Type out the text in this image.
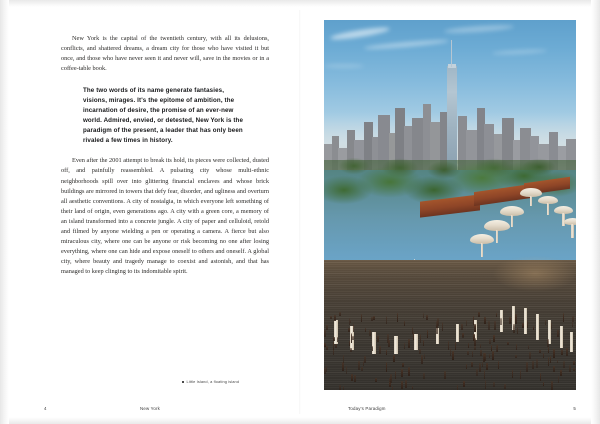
New York is the capital of the twentieth century, with all its delusions, conflicts, and shattered dreams, a dream city for those who have visited it but once, and those who have never seen it and never will, save in the movies or in a coffee-table book.

The two words of its name generate fantasies, visions, mirages. It's the epitome of ambition, the incarnation of desire, the promise of an ever-new world. Admired, envied, or detested, New York is the paradigm of the present, a leader that has only been rivaled a few times in history.

Even after the 2001 attempt to break its hold, its pieces were collected, dusted off, and painfully reassembled. A pulsating city whose multi-ethnic neighborhoods spill over into glittering financial enclaves and whose brick buildings are mirrored in towers that defy fear, disorder, and ugliness and overturn all aesthetic conventions. A city of nostalgia, in which everyone left something of their land of origin, even generations ago. A city with a green core, a memory of an island transformed into a concrete jungle. A city of paper and celluloid, retold and filmed by anyone wielding a pen or operating a camera. A fierce but also miraculous city, where one can be anyone or risk becoming no one after losing everything, where one can hide and expose oneself to others and oneself. A global city, where beauty and tragedy manage to coexist and astonish, and that has managed to keep clinging to its indomitable spirit.

Little Island, a floating island
4	New York	Today's Paradigm	5
